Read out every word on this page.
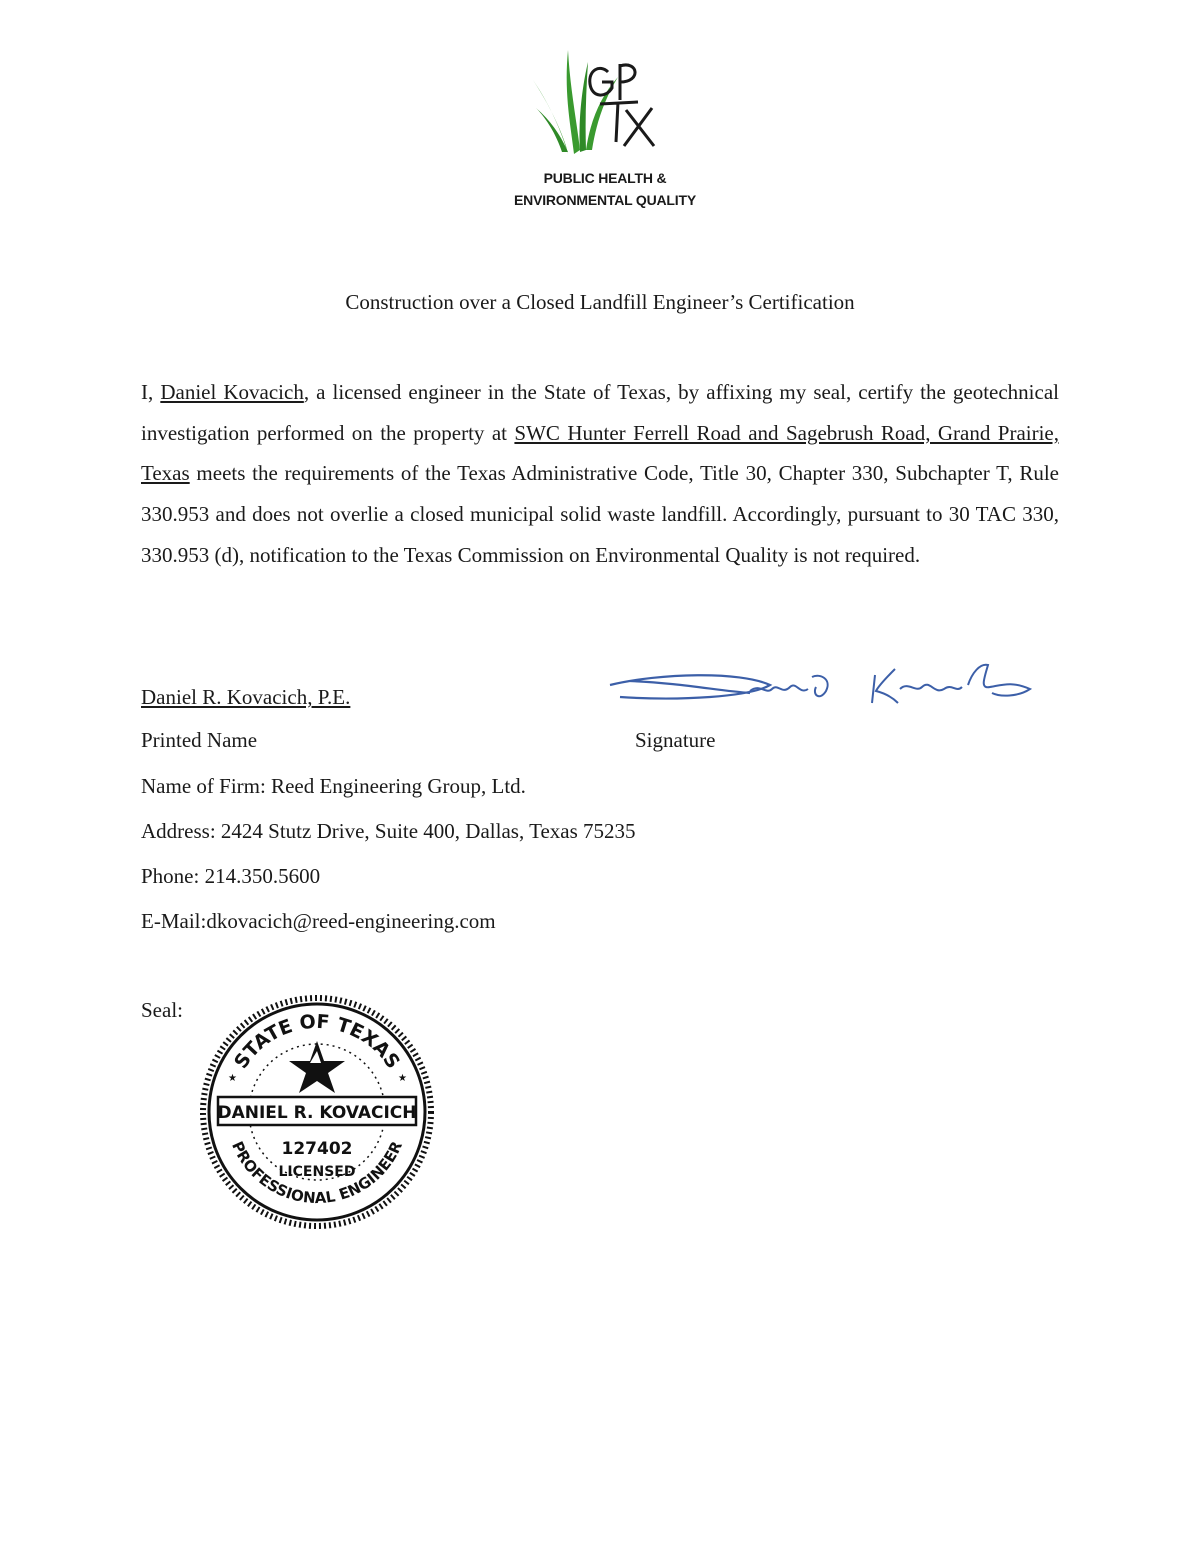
PUBLIC HEALTH &
ENVIRONMENTAL QUALITY
Construction over a Closed Landfill Engineer’s Certification

I, Daniel Kovacich, a licensed engineer in the State of Texas, by affixing my seal, certify the geotechnical investigation performed on the property at SWC Hunter Ferrell Road and Sagebrush Road, Grand Prairie, Texas meets the requirements of the Texas Administrative Code, Title 30, Chapter 330, Subchapter T, Rule 330.953 and does not overlie a closed municipal solid waste landfill. Accordingly, pursuant to 30 TAC 330, 330.953 (d), notification to the Texas Commission on Environmental Quality is not required.

Daniel R. Kovacich, P.E.
Printed Name	Signature
Name of Firm: Reed Engineering Group, Ltd.
Address: 2424 Stutz Drive, Suite 400, Dallas, Texas 75235
Phone: 214.350.5600
E-Mail:dkovacich@reed-engineering.com
Seal:
STATE OF TEXAS
PROFESSIONAL ENGINEER
★	★
DANIEL R. KOVACICH
127402
LICENSED
